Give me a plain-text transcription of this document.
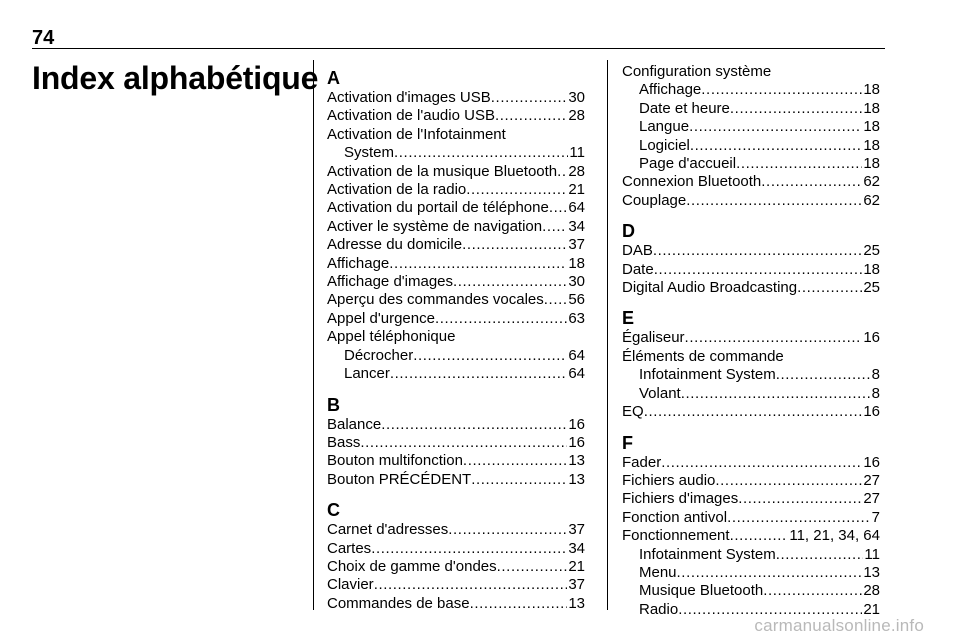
74
Index alphabétique A
Activation d'images USB .....	30
Activation de l'audio USB .....	28
Activation de l'Infotainment
System .....	11
Activation de la musique Bluetooth ..... 28
Activation de la radio .....	21
Activation du portail de téléphone ..... 64
Activer le système de navigation ..... 34
Adresse du domicile .....	37
Affichage .....	18
Affichage d'images .....	30
Aperçu des commandes vocales ..... 56
Appel d'urgence .....	63
Appel téléphonique
Décrocher .....	64
Lancer .....	64
B
Balance .....	16
Bass .....	16
Bouton multifonction .....	13
Bouton PRÉCÉDENT .....	13
C
Carnet d'adresses .....	37
Cartes .....	34
Choix de gamme d'ondes .....	21
Clavier .....	37
Commandes de base .....	13
Configuration système
Affichage .....	18
Date et heure .....	18
Langue .....	18
Logiciel .....	18
Page d'accueil .....	18
Connexion Bluetooth .....	62
Couplage .....	62
D
DAB .....	25
Date .....	18
Digital Audio Broadcasting .....	25
E
Égaliseur .....	16
Éléments de commande
Infotainment System .....	8
Volant .....	8
EQ .....	16
F
Fader .....	16
Fichiers audio .....	27
Fichiers d'images .....	27
Fonction antivol .....	7
Fonctionnement .....	11, 21, 34, 64
Infotainment System .....	11
Menu .....	13
Musique Bluetooth .....	28
Radio .....	21
carmanualsonline.info
